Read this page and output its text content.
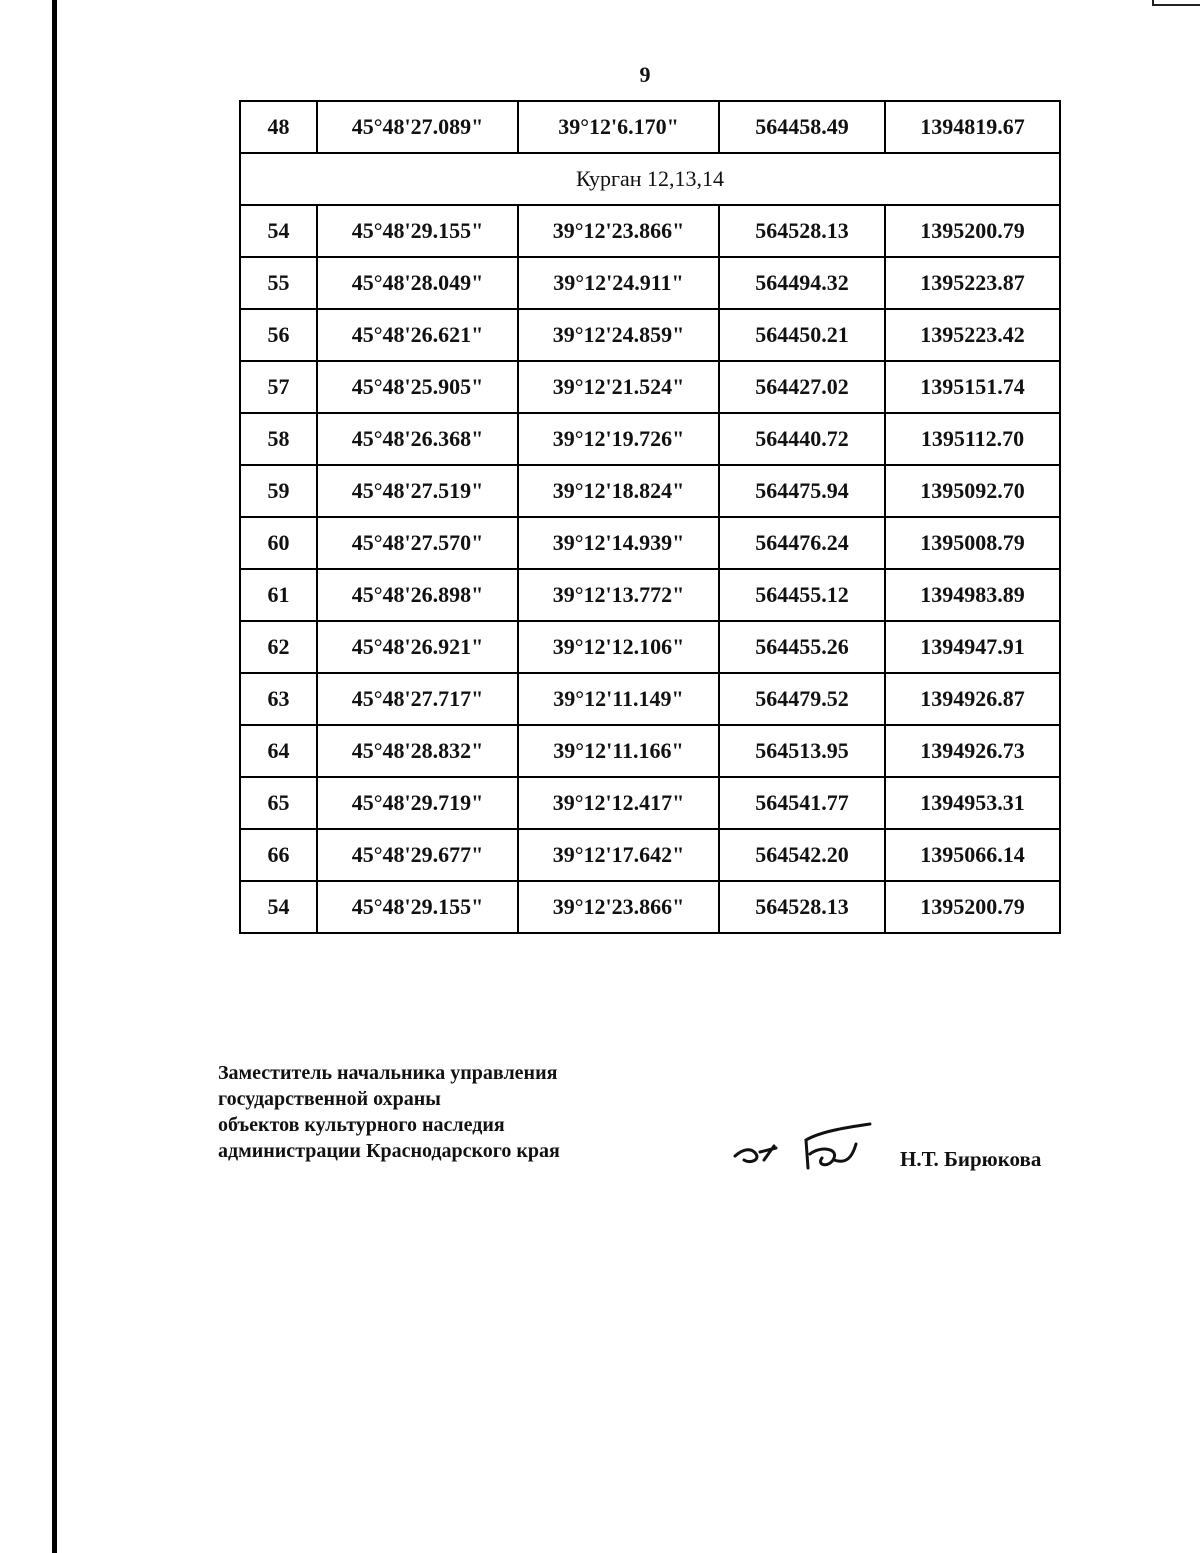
9
48	45°48'27.089"	39°12'6.170"	564458.49	1394819.67
Курган 12,13,14				
54	45°48'29.155"	39°12'23.866"	564528.13	1395200.79
55	45°48'28.049"	39°12'24.911"	564494.32	1395223.87
56	45°48'26.621"	39°12'24.859"	564450.21	1395223.42
57	45°48'25.905"	39°12'21.524"	564427.02	1395151.74
58	45°48'26.368"	39°12'19.726"	564440.72	1395112.70
59	45°48'27.519"	39°12'18.824"	564475.94	1395092.70
60	45°48'27.570"	39°12'14.939"	564476.24	1395008.79
61	45°48'26.898"	39°12'13.772"	564455.12	1394983.89
62	45°48'26.921"	39°12'12.106"	564455.26	1394947.91
63	45°48'27.717"	39°12'11.149"	564479.52	1394926.87
64	45°48'28.832"	39°12'11.166"	564513.95	1394926.73
65	45°48'29.719"	39°12'12.417"	564541.77	1394953.31
66	45°48'29.677"	39°12'17.642"	564542.20	1395066.14
54	45°48'29.155"	39°12'23.866"	564528.13	1395200.79
Заместитель начальника управления
государственной охраны
объектов культурного наследия
администрации Краснодарского края	Н.Т. Бирюкова
